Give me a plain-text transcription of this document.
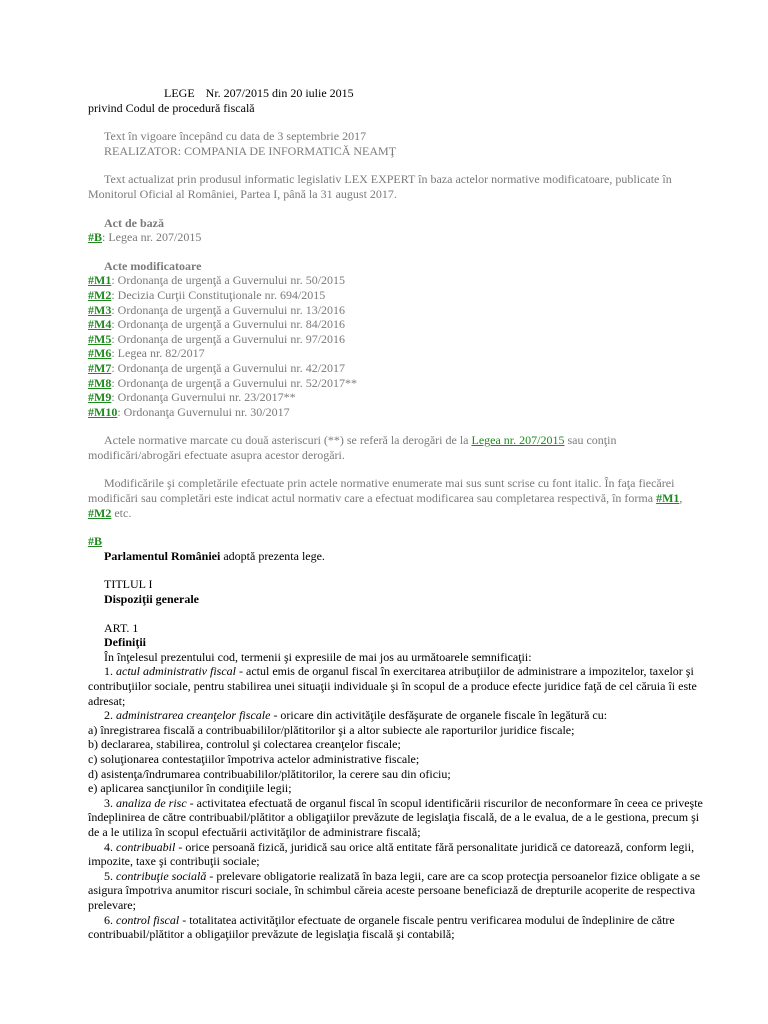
LEGE Nr. 207/2015 din 20 iulie 2015

privind Codul de procedură fiscală

Text în vigoare începând cu data de 3 septembrie 2017

REALIZATOR: COMPANIA DE INFORMATICĂ NEAMŢ

Text actualizat prin produsul informatic legislativ LEX EXPERT în baza actelor normative modificatoare, publicate în Monitorul Oficial al României, Partea I, până la 31 august 2017.

Act de bază

#B: Legea nr. 207/2015

Acte modificatoare

#M1: Ordonanţa de urgenţă a Guvernului nr. 50/2015

#M2: Decizia Curţii Constituţionale nr. 694/2015

#M3: Ordonanţa de urgenţă a Guvernului nr. 13/2016

#M4: Ordonanţa de urgenţă a Guvernului nr. 84/2016

#M5: Ordonanţa de urgenţă a Guvernului nr. 97/2016

#M6: Legea nr. 82/2017

#M7: Ordonanţa de urgenţă a Guvernului nr. 42/2017

#M8: Ordonanţa de urgenţă a Guvernului nr. 52/2017**

#M9: Ordonanţa Guvernului nr. 23/2017**

#M10: Ordonanţa Guvernului nr. 30/2017

Actele normative marcate cu două asteriscuri (**) se referă la derogări de la Legea nr. 207/2015 sau conţin modificări/abrogări efectuate asupra acestor derogări.

Modificările şi completările efectuate prin actele normative enumerate mai sus sunt scrise cu font italic. În faţa fiecărei modificări sau completări este indicat actul normativ care a efectuat modificarea sau completarea respectivă, în forma #M1, #M2 etc.

#B

Parlamentul României adoptă prezenta lege.

TITLUL I

Dispoziţii generale

ART. 1

Definiţii

În înţelesul prezentului cod, termenii şi expresiile de mai jos au următoarele semnificaţii:

1. actul administrativ fiscal - actul emis de organul fiscal în exercitarea atribuţiilor de administrare a impozitelor, taxelor şi contribuţiilor sociale, pentru stabilirea unei situaţii individuale şi în scopul de a produce efecte juridice faţă de cel căruia îi este adresat;

2. administrarea creanţelor fiscale - oricare din activităţile desfăşurate de organele fiscale în legătură cu:

a) înregistrarea fiscală a contribuabililor/plătitorilor şi a altor subiecte ale raporturilor juridice fiscale;

b) declararea, stabilirea, controlul şi colectarea creanţelor fiscale;

c) soluţionarea contestaţiilor împotriva actelor administrative fiscale;

d) asistenţa/îndrumarea contribuabililor/plătitorilor, la cerere sau din oficiu;

e) aplicarea sancţiunilor în condiţiile legii;

3. analiza de risc - activitatea efectuată de organul fiscal în scopul identificării riscurilor de neconformare în ceea ce priveşte îndeplinirea de către contribuabil/plătitor a obligaţiilor prevăzute de legislaţia fiscală, de a le evalua, de a le gestiona, precum şi de a le utiliza în scopul efectuării activităţilor de administrare fiscală;

4. contribuabil - orice persoană fizică, juridică sau orice altă entitate fără personalitate juridică ce datorează, conform legii, impozite, taxe şi contribuţii sociale;

5. contribuţie socială - prelevare obligatorie realizată în baza legii, care are ca scop protecţia persoanelor fizice obligate a se asigura împotriva anumitor riscuri sociale, în schimbul căreia aceste persoane beneficiază de drepturile acoperite de respectiva prelevare;

6. control fiscal - totalitatea activităţilor efectuate de organele fiscale pentru verificarea modului de îndeplinire de către contribuabil/plătitor a obligaţiilor prevăzute de legislaţia fiscală şi contabilă;
